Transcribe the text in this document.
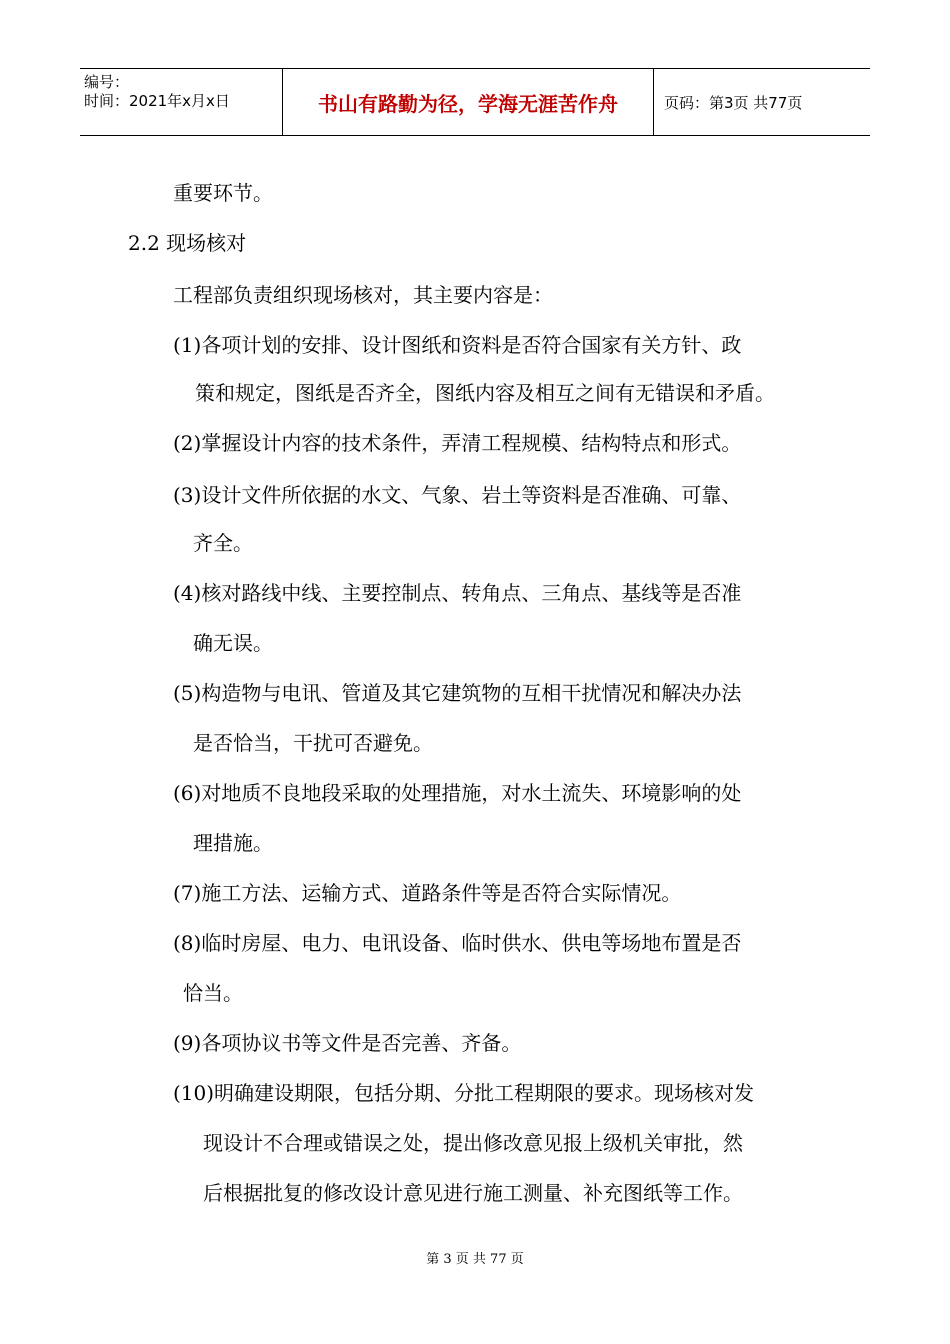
编号：
时间：2021年x月x日	书山有路勤为径，学海无涯苦作舟	页码：第3页 共77页
重要环节。
2.2 现场核对
工程部负责组织现场核对，其主要内容是：
(1)各项计划的安排、设计图纸和资料是否符合国家有关方针、政
策和规定，图纸是否齐全，图纸内容及相互之间有无错误和矛盾。
(2)掌握设计内容的技术条件，弄清工程规模、结构特点和形式。
(3)设计文件所依据的水文、气象、岩土等资料是否准确、可靠、
齐全。
(4)核对路线中线、主要控制点、转角点、三角点、基线等是否准
确无误。
(5)构造物与电讯、管道及其它建筑物的互相干扰情况和解决办法
是否恰当，干扰可否避免。
(6)对地质不良地段采取的处理措施，对水土流失、环境影响的处
理措施。
(7)施工方法、运输方式、道路条件等是否符合实际情况。
(8)临时房屋、电力、电讯设备、临时供水、供电等场地布置是否
恰当。
(9)各项协议书等文件是否完善、齐备。
(10)明确建设期限，包括分期、分批工程期限的要求。现场核对发
现设计不合理或错误之处，提出修改意见报上级机关审批，然
后根据批复的修改设计意见进行施工测量、补充图纸等工作。
第 3 页 共 77 页
